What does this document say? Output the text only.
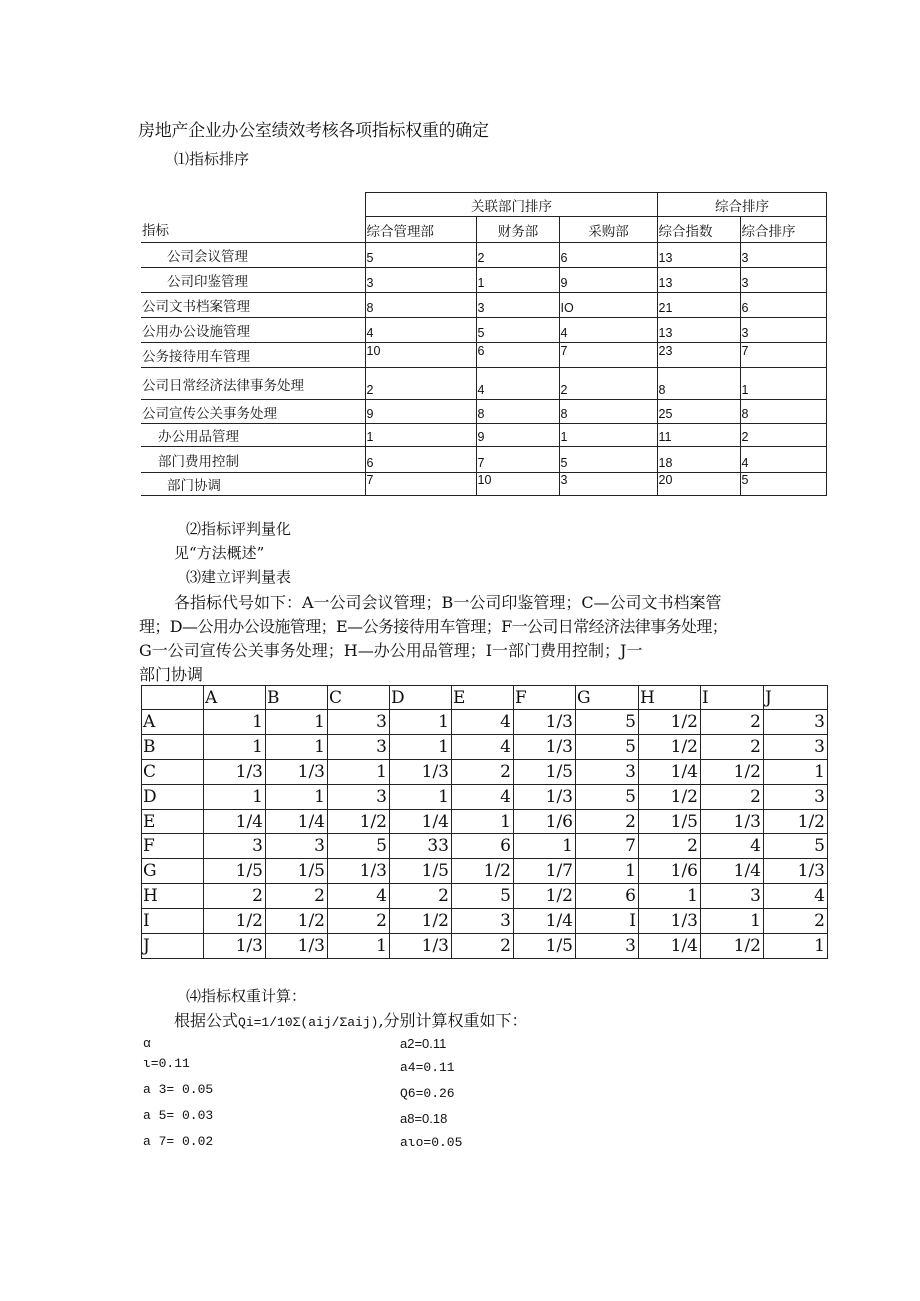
房地产企业办公室绩效考核各项指标权重的确定
⑴指标排序
指标	关联部门排序			综合排序	
	综合管理部	财务部	采购部	综合指数	综合排序
公司会议管理	5	2	6	13	3
公司印鉴管理	3	1	9	13	3
公司文书档案管理	8	3	IO	21	6
公用办公设施管理	4	5	4	13	3
公务接待用车管理	10	6	7	23	7
公司日常经济法律事务处理	2	4	2	8	1
公司宣传公关事务处理	9	8	8	25	8
办公用品管理	1	9	1	11	2
部门费用控制	6	7	5	18	4
部门协调	7	10	3	20	5
⑵指标评判量化
见“方法概述”
⑶建立评判量表
各指标代号如下：A一公司会议管理；B一公司印鉴管理；C—公司文书档案管
理；D—公用办公设施管理；E—公务接待用车管理；F一公司日常经济法律事务处理；
G一公司宣传公关事务处理；H—办公用品管理；I一部门费用控制；J一
部门协调
	A	B	C	D	E	F	G	H	I	J
A	1	1	3	1	4	1/3	5	1/2	2	3
B	1	1	3	1	4	1/3	5	1/2	2	3
C	1/3	1/3	1	1/3	2	1/5	3	1/4	1/2	1
D	1	1	3	1	4	1/3	5	1/2	2	3
E	1/4	1/4	1/2	1/4	1	1/6	2	1/5	1/3	1/2
F	3	3	5	33	6	1	7	2	4	5
G	1/5	1/5	1/3	1/5	1/2	1/7	1	1/6	1/4	1/3
H	2	2	4	2	5	1/2	6	1	3	4
I	1/2	1/2	2	1/2	3	1/4	I	1/3	1	2
J	1/3	1/3	1	1/3	2	1/5	3	1/4	1/2	1
⑷指标权重计算：
根据公式Qi=1/10Σ(aij/Σaij),分别计算权重如下：
α
ι=0.11
a 3= 0.05
a 5= 0.03
a 7= 0.02
a2=0.11
a4=0.11
Q6=0.26
a8=0.18
aιo=0.05
